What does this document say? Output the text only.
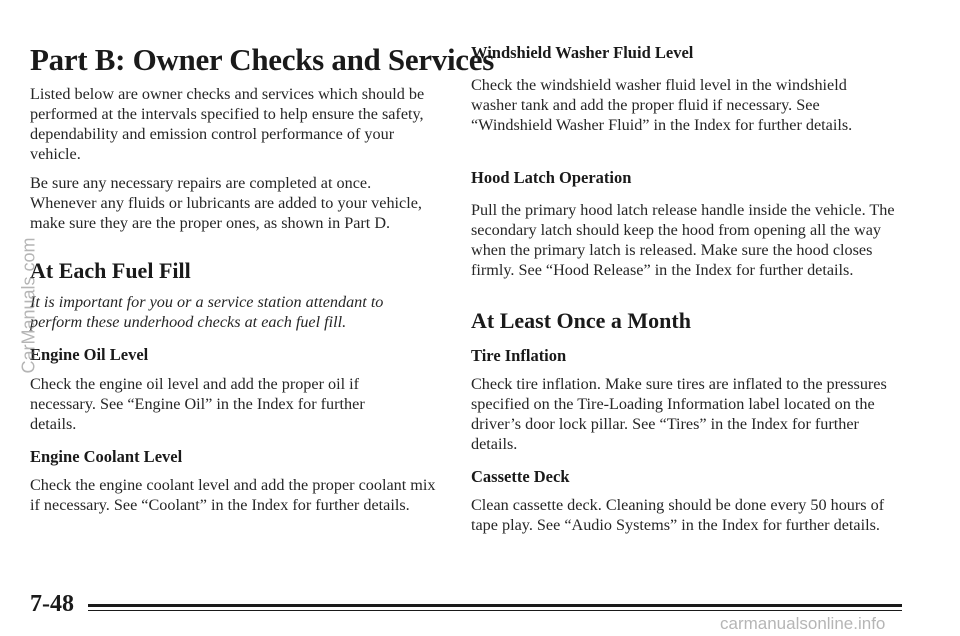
Part B: Owner Checks and Services

Listed below are owner checks and services which should be performed at the intervals specified to help ensure the safety, dependability and emission control performance of your vehicle.

Be sure any necessary repairs are completed at once. Whenever any fluids or lubricants are added to your vehicle, make sure they are the proper ones, as shown in Part D.

At Each Fuel Fill

It is important for you or a service station attendant to perform these underhood checks at each fuel fill.

Engine Oil Level

Check the engine oil level and add the proper oil if necessary. See “Engine Oil” in the Index for further details.

Engine Coolant Level

Check the engine coolant level and add the proper coolant mix if necessary. See “Coolant” in the Index for further details.

Windshield Washer Fluid Level

Check the windshield washer fluid level in the windshield washer tank and add the proper fluid if necessary. See “Windshield Washer Fluid” in the Index for further details.

Hood Latch Operation

Pull the primary hood latch release handle inside the vehicle. The secondary latch should keep the hood from opening all the way when the primary latch is released. Make sure the hood closes firmly. See “Hood Release” in the Index for further details.

At Least Once a Month
Tire Inflation

Check tire inflation. Make sure tires are inflated to the pressures specified on the Tire-Loading Information label located on the driver’s door lock pillar. See “Tires” in the Index for further details.

Cassette Deck

Clean cassette deck. Cleaning should be done every 50 hours of tape play. See “Audio Systems” in the Index for further details.

7-48
CarManuals.com
carmanualsonline.info
